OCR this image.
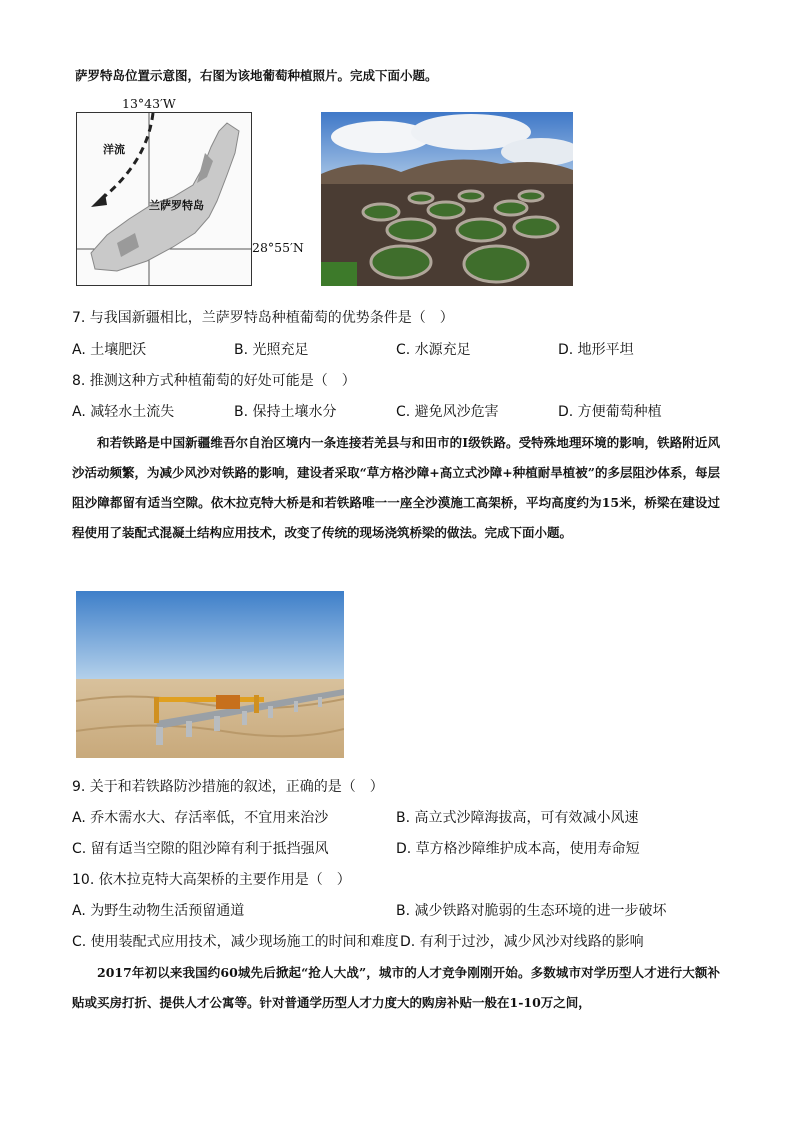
萨罗特岛位置示意图，右图为该地葡萄种植照片。完成下面小题。
洋流
兰萨罗特岛
13°43′W
28°55′N
7. 与我国新疆相比，兰萨罗特岛种植葡萄的优势条件是（　）
A. 土壤肥沃	B. 光照充足	C. 水源充足	D. 地形平坦
8. 推测这种方式种植葡萄的好处可能是（　）
A. 减轻水土流失	B. 保持土壤水分	C. 避免风沙危害	D. 方便葡萄种植

和若铁路是中国新疆维吾尔自治区境内一条连接若羌县与和田市的Ⅰ级铁路。受特殊地理环境的影响，铁路附近风沙活动频繁，为减少风沙对铁路的影响，建设者采取“草方格沙障+高立式沙障+种植耐旱植被”的多层阻沙体系，每层阻沙障都留有适当空隙。依木拉克特大桥是和若铁路唯一一座全沙漠施工高架桥，平均高度约为15米，桥梁在建设过程使用了装配式混凝土结构应用技术，改变了传统的现场浇筑桥梁的做法。完成下面小题。

9. 关于和若铁路防沙措施的叙述，正确的是（　）
A. 乔木需水大、存活率低，不宜用来治沙	B. 高立式沙障海拔高，可有效减小风速
C. 留有适当空隙的阻沙障有利于抵挡强风	D. 草方格沙障维护成本高，使用寿命短
10. 依木拉克特大高架桥的主要作用是（　）
A. 为野生动物生活预留通道	B. 减少铁路对脆弱的生态环境的进一步破坏
C. 使用装配式应用技术，减少现场施工的时间和难度 D. 有利于过沙，减少风沙对线路的影响

2017年初以来我国约60城先后掀起“抢人大战”，城市的人才竞争刚刚开始。多数城市对学历型人才进行大额补贴或买房打折、提供人才公寓等。针对普通学历型人才力度大的购房补贴一般在1-10万之间，
